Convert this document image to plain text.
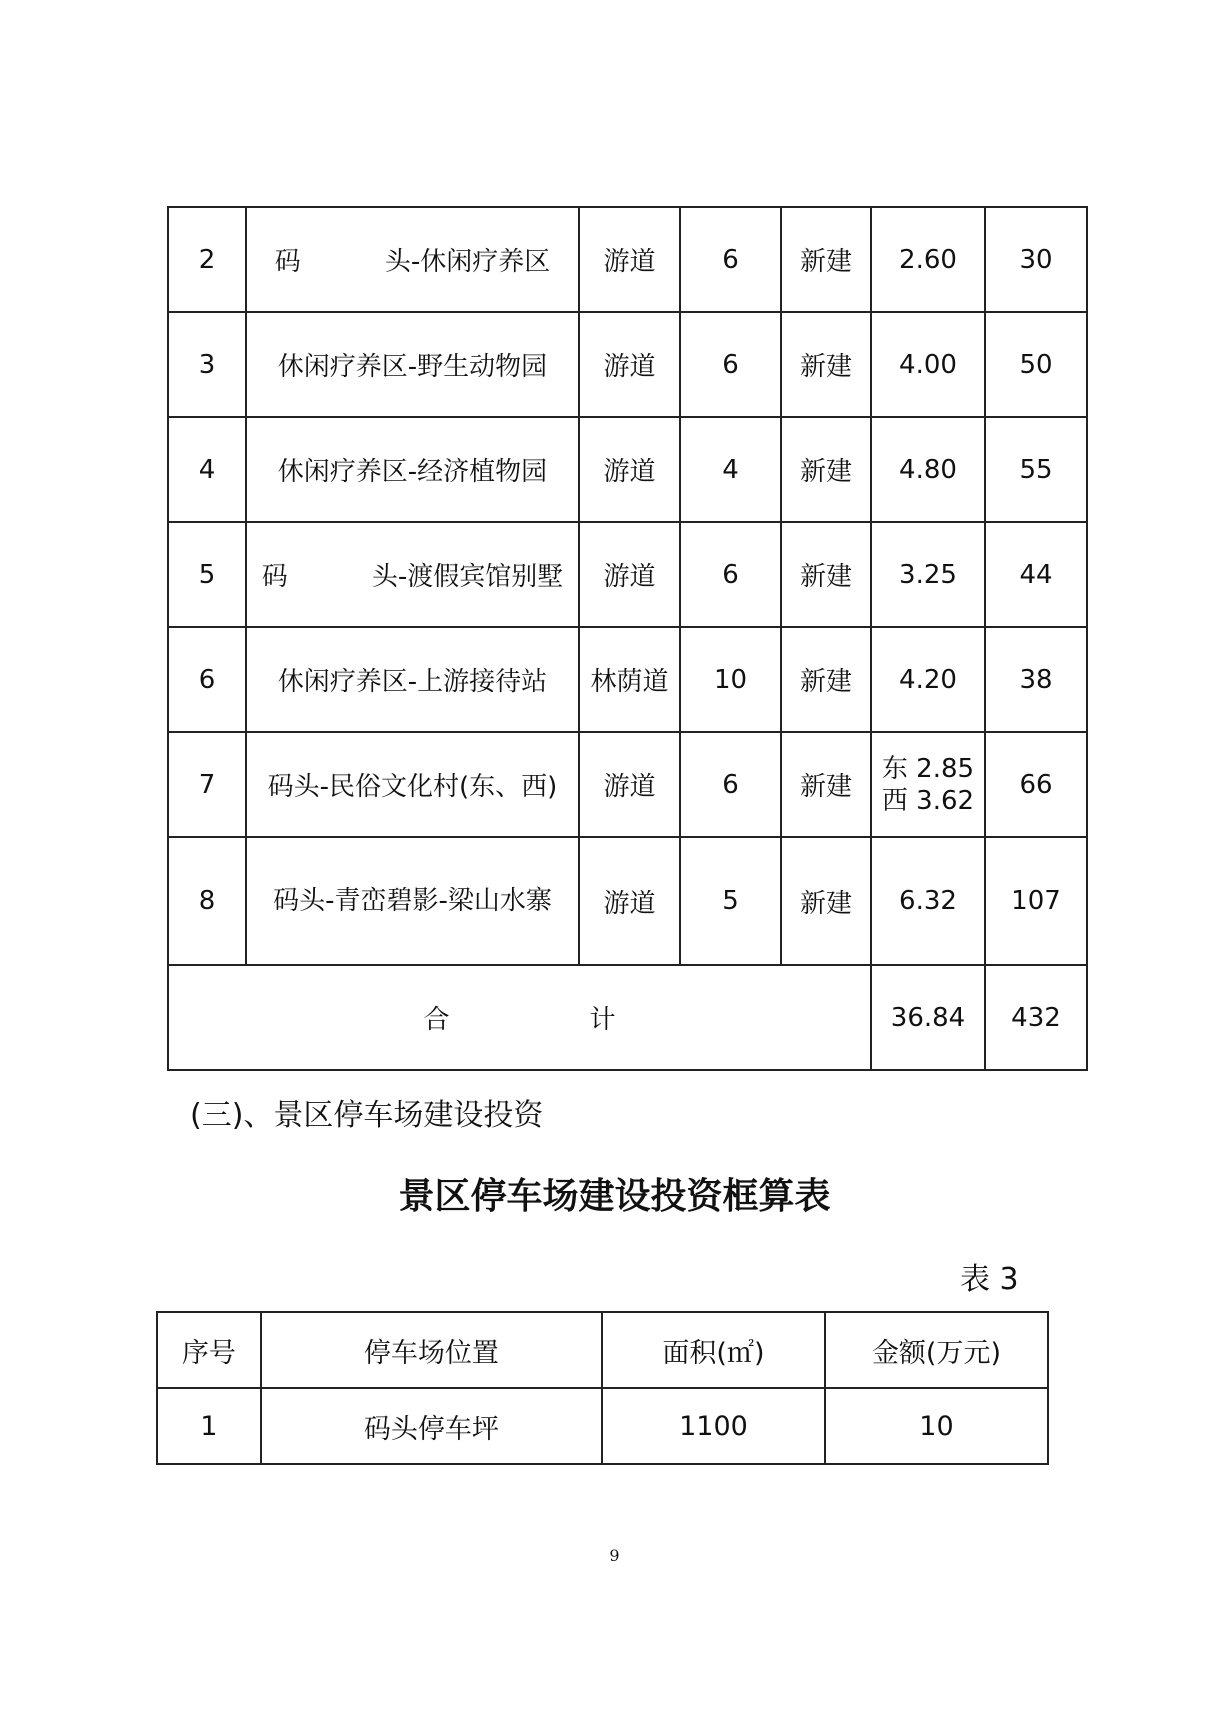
2	码 头-休闲疗养区	游道	6	新建	2.60	30
3	休闲疗养区-野生动物园	游道	6	新建	4.00	50
4	休闲疗养区-经济植物园	游道	4	新建	4.80	55
5	码 头-渡假宾馆别墅	游道	6	新建	3.25	44
6	休闲疗养区-上游接待站	林荫道	10	新建	4.20	38
7	码头-民俗文化村(东、西)	游道	6	新建	东 2.85
西 3.62	66
8	码头-青峦碧影-梁山水寨	游道	5	新建	6.32	107
合 计					36.84	432

(三)、景区停车场建设投资

景区停车场建设投资框算表

表 3

序号	停车场位置	面积(㎡)	金额(万元)
1	码头停车坪	1100	10
9
